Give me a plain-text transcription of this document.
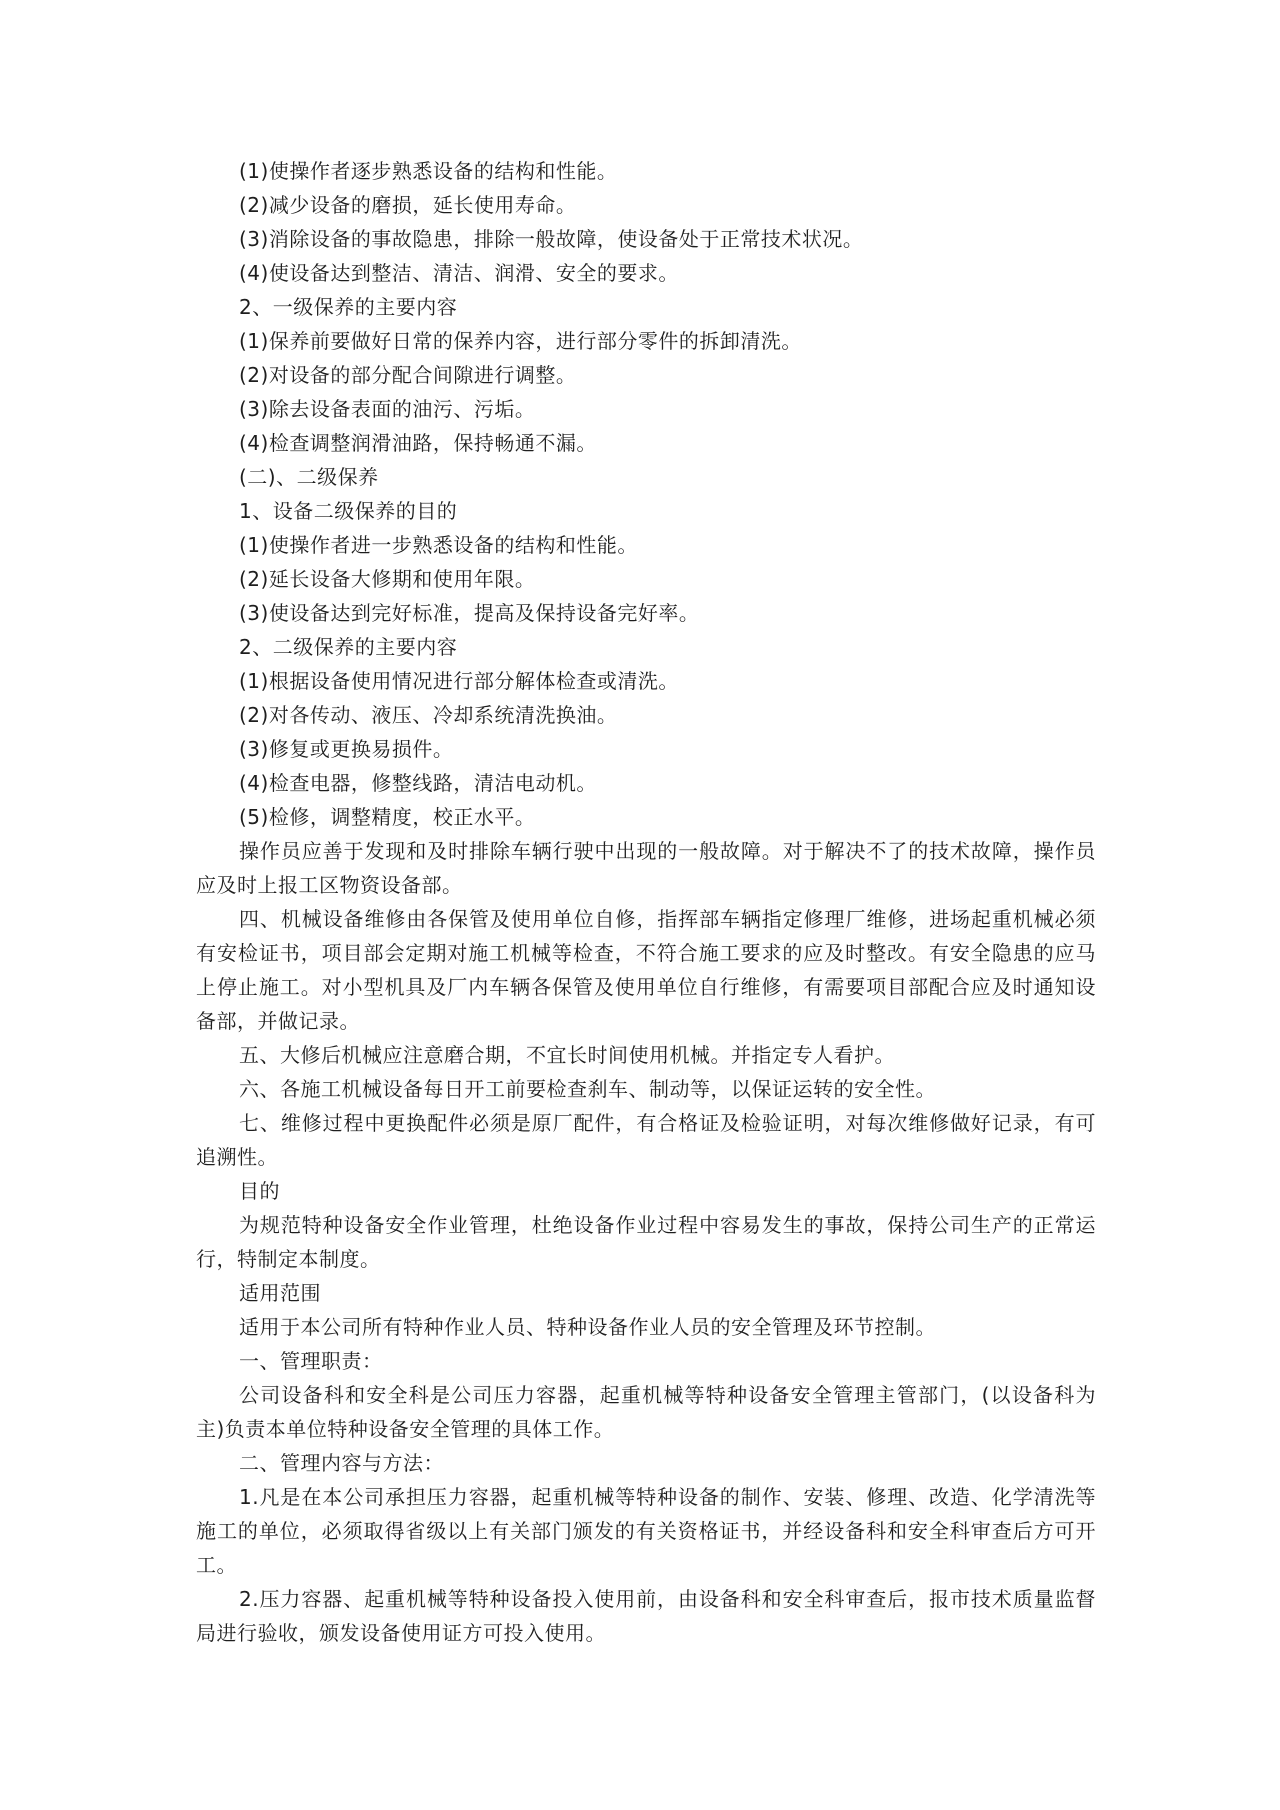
(1)使操作者逐步熟悉设备的结构和性能。

(2)减少设备的磨损，延长使用寿命。

(3)消除设备的事故隐患，排除一般故障，使设备处于正常技术状况。

(4)使设备达到整洁、清洁、润滑、安全的要求。

2、一级保养的主要内容

(1)保养前要做好日常的保养内容，进行部分零件的拆卸清洗。

(2)对设备的部分配合间隙进行调整。

(3)除去设备表面的油污、污垢。

(4)检查调整润滑油路，保持畅通不漏。

(二)、二级保养

1、设备二级保养的目的

(1)使操作者进一步熟悉设备的结构和性能。

(2)延长设备大修期和使用年限。

(3)使设备达到完好标准，提高及保持设备完好率。

2、二级保养的主要内容

(1)根据设备使用情况进行部分解体检查或清洗。

(2)对各传动、液压、冷却系统清洗换油。

(3)修复或更换易损件。

(4)检查电器，修整线路，清洁电动机。

(5)检修，调整精度，校正水平。

操作员应善于发现和及时排除车辆行驶中出现的一般故障。对于解决不了的技术故障，操作员应及时上报工区物资设备部。

四、机械设备维修由各保管及使用单位自修，指挥部车辆指定修理厂维修，进场起重机械必须有安检证书，项目部会定期对施工机械等检查，不符合施工要求的应及时整改。有安全隐患的应马上停止施工。对小型机具及厂内车辆各保管及使用单位自行维修，有需要项目部配合应及时通知设备部，并做记录。

五、大修后机械应注意磨合期，不宜长时间使用机械。并指定专人看护。

六、各施工机械设备每日开工前要检查刹车、制动等，以保证运转的安全性。

七、维修过程中更换配件必须是原厂配件，有合格证及检验证明，对每次维修做好记录，有可追溯性。

目的

为规范特种设备安全作业管理，杜绝设备作业过程中容易发生的事故，保持公司生产的正常运行，特制定本制度。

适用范围

适用于本公司所有特种作业人员、特种设备作业人员的安全管理及环节控制。

一、管理职责：

公司设备科和安全科是公司压力容器，起重机械等特种设备安全管理主管部门，(以设备科为主)负责本单位特种设备安全管理的具体工作。

二、管理内容与方法：

1.凡是在本公司承担压力容器，起重机械等特种设备的制作、安装、修理、改造、化学清洗等施工的单位，必须取得省级以上有关部门颁发的有关资格证书，并经设备科和安全科审查后方可开工。

2.压力容器、起重机械等特种设备投入使用前，由设备科和安全科审查后，报市技术质量监督局进行验收，颁发设备使用证方可投入使用。
